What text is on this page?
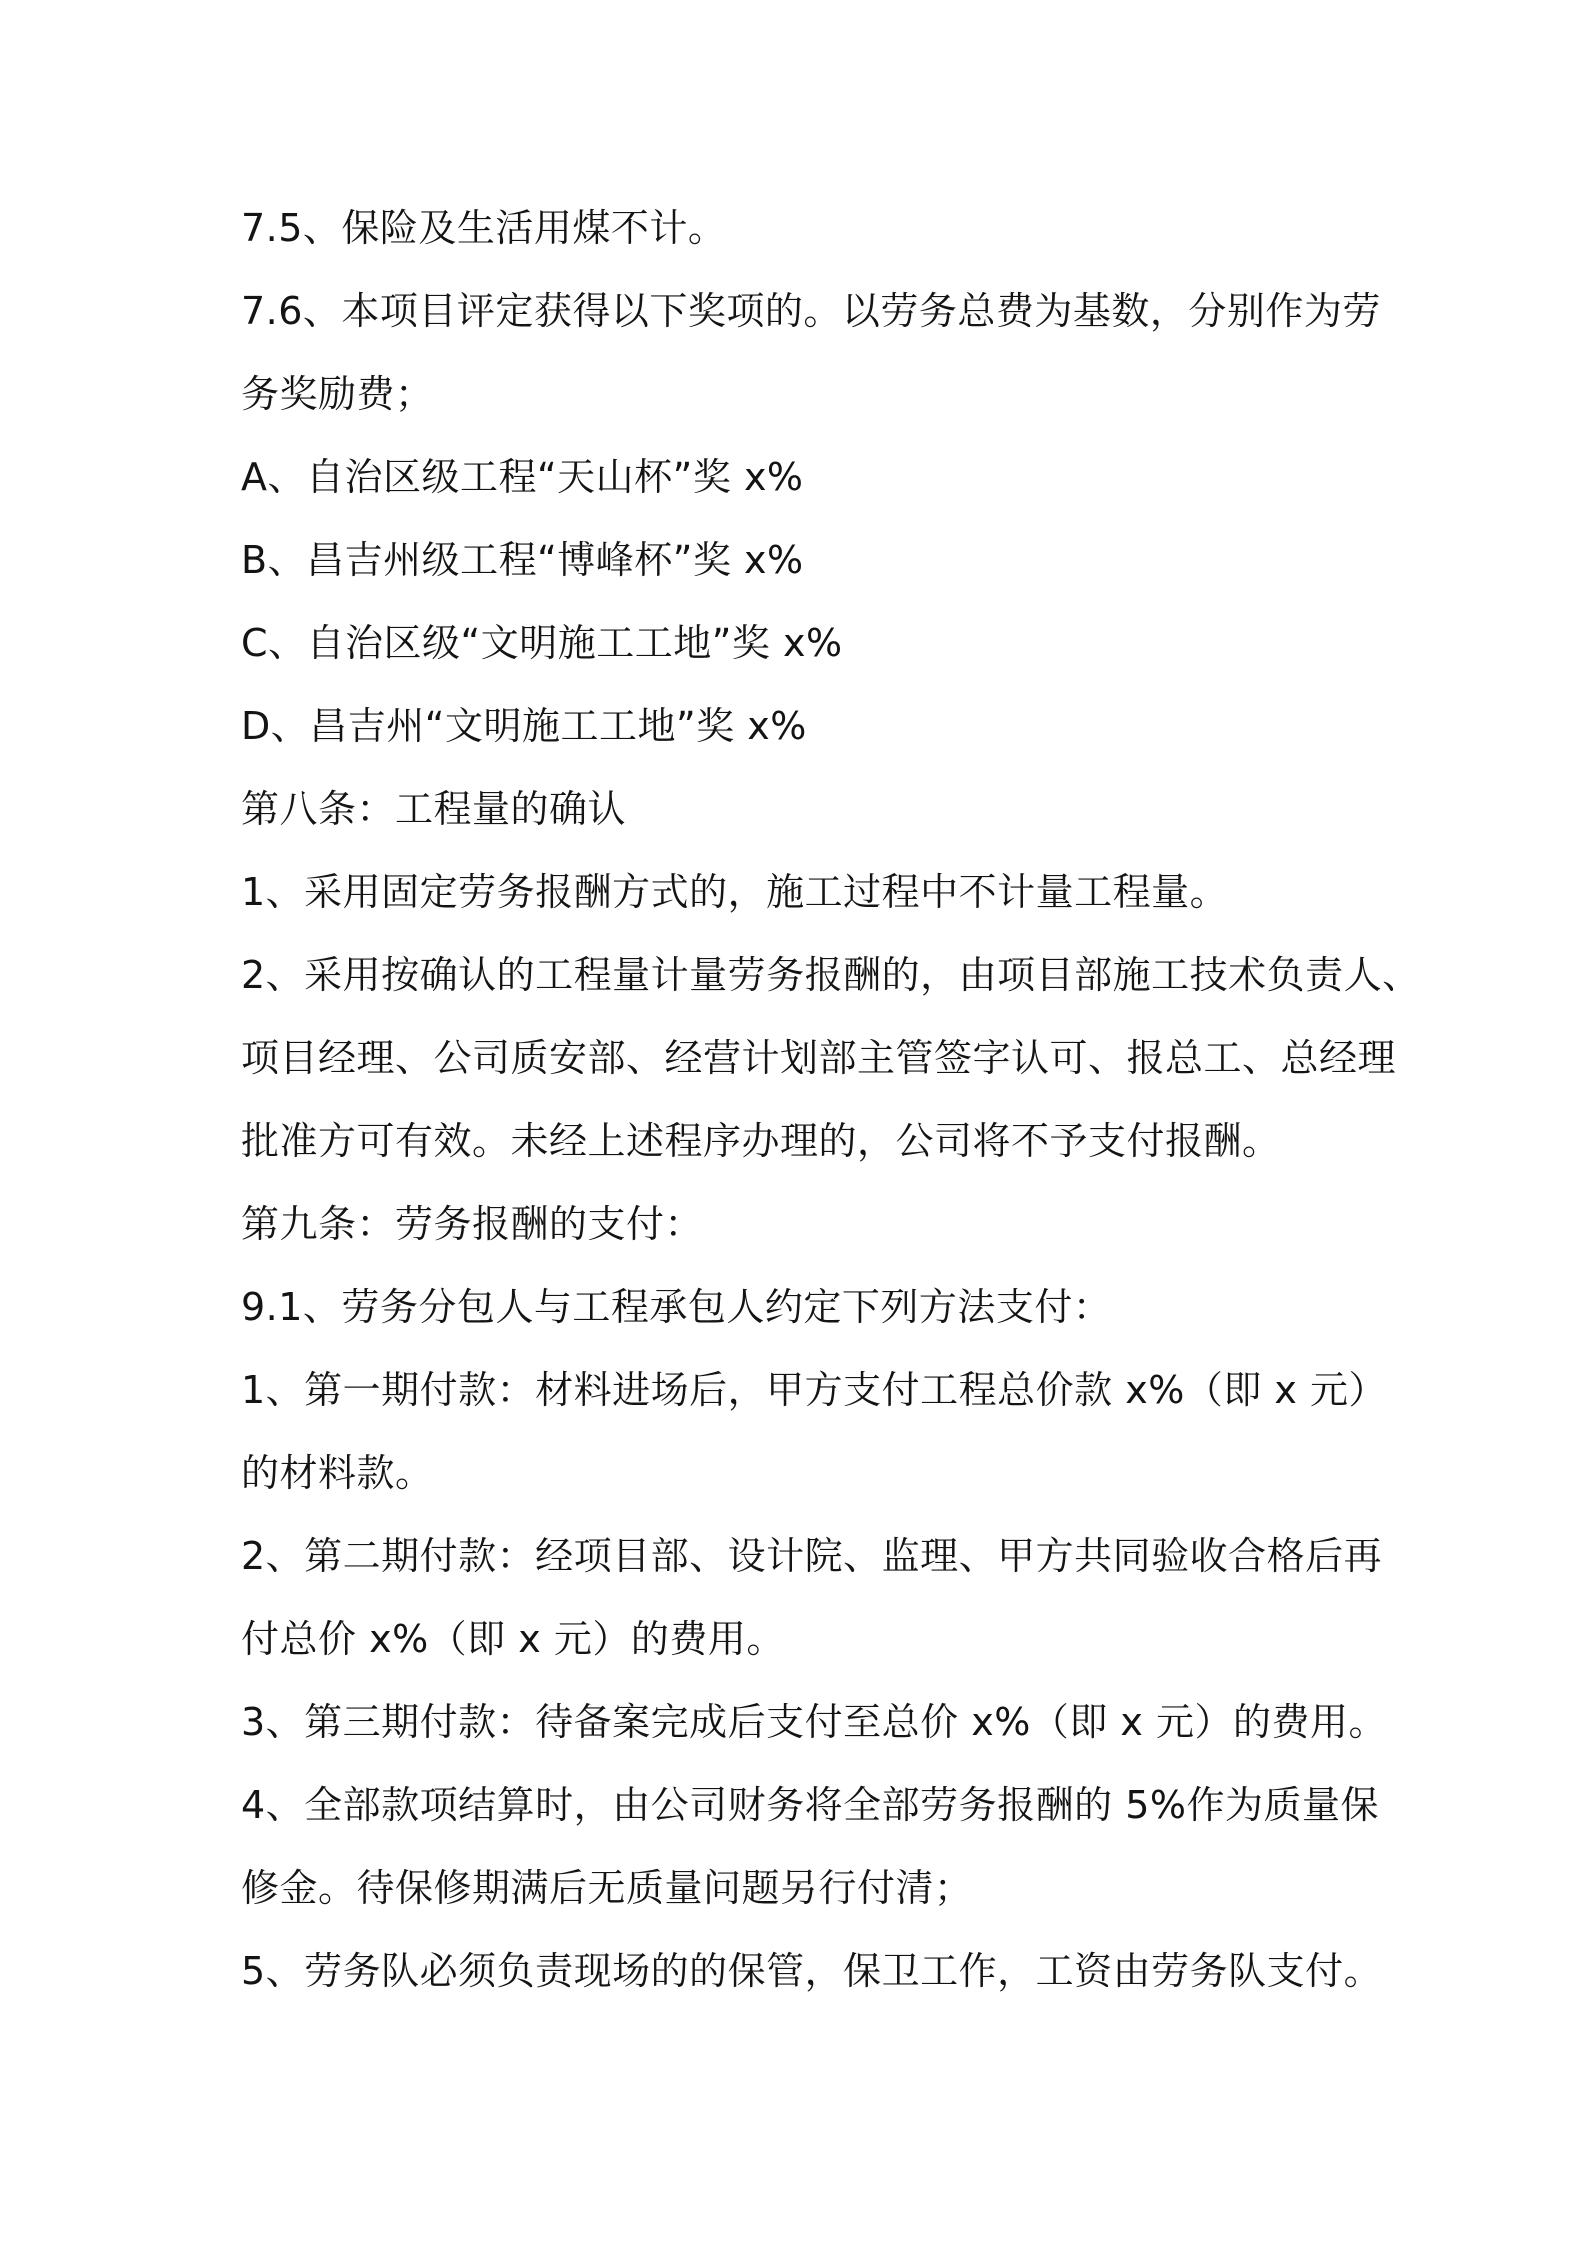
7.5、保险及生活用煤不计。
7.6、本项目评定获得以下奖项的。以劳务总费为基数，分别作为劳
务奖励费；
A、自治区级工程“天山杯”奖 x%
B、昌吉州级工程“博峰杯”奖 x%
C、自治区级“文明施工工地”奖 x%
D、昌吉州“文明施工工地”奖 x%
第八条：工程量的确认
1、采用固定劳务报酬方式的，施工过程中不计量工程量。
2、采用按确认的工程量计量劳务报酬的，由项目部施工技术负责人、
项目经理、公司质安部、经营计划部主管签字认可、报总工、总经理
批准方可有效。未经上述程序办理的，公司将不予支付报酬。
第九条：劳务报酬的支付：
9.1、劳务分包人与工程承包人约定下列方法支付：
1、第一期付款：材料进场后，甲方支付工程总价款 x%（即 x 元）
的材料款。
2、第二期付款：经项目部、设计院、监理、甲方共同验收合格后再
付总价 x%（即 x 元）的费用。
3、第三期付款：待备案完成后支付至总价 x%（即 x 元）的费用。
4、全部款项结算时，由公司财务将全部劳务报酬的 5%作为质量保
修金。待保修期满后无质量问题另行付清；
5、劳务队必须负责现场的的保管，保卫工作，工资由劳务队支付。
